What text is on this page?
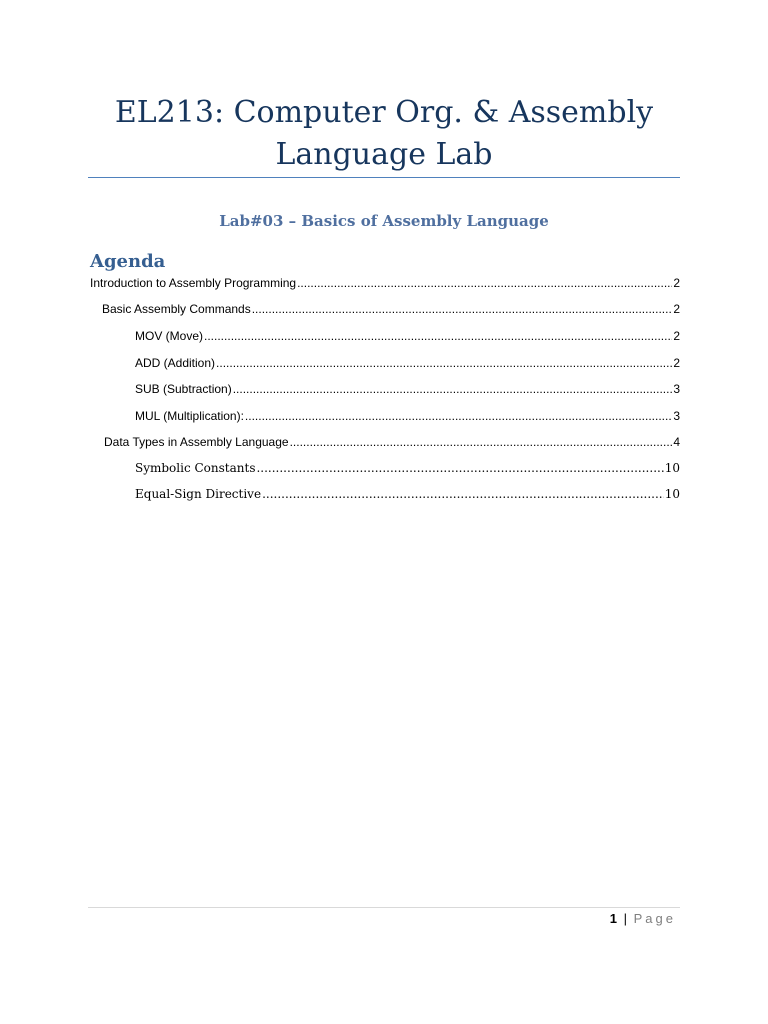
EL213: Computer Org. & Assembly
Language Lab
Lab#03 – Basics of Assembly Language
Agenda
Introduction to Assembly Programming .....	2
Basic Assembly Commands .....	2
MOV (Move) .....	2
ADD (Addition) .....	2
SUB (Subtraction) .....	3
MUL (Multiplication): .....	3
Data Types in Assembly Language .....	4
Symbolic Constants .....	10
Equal-Sign Directive .....	10
1 | Page
